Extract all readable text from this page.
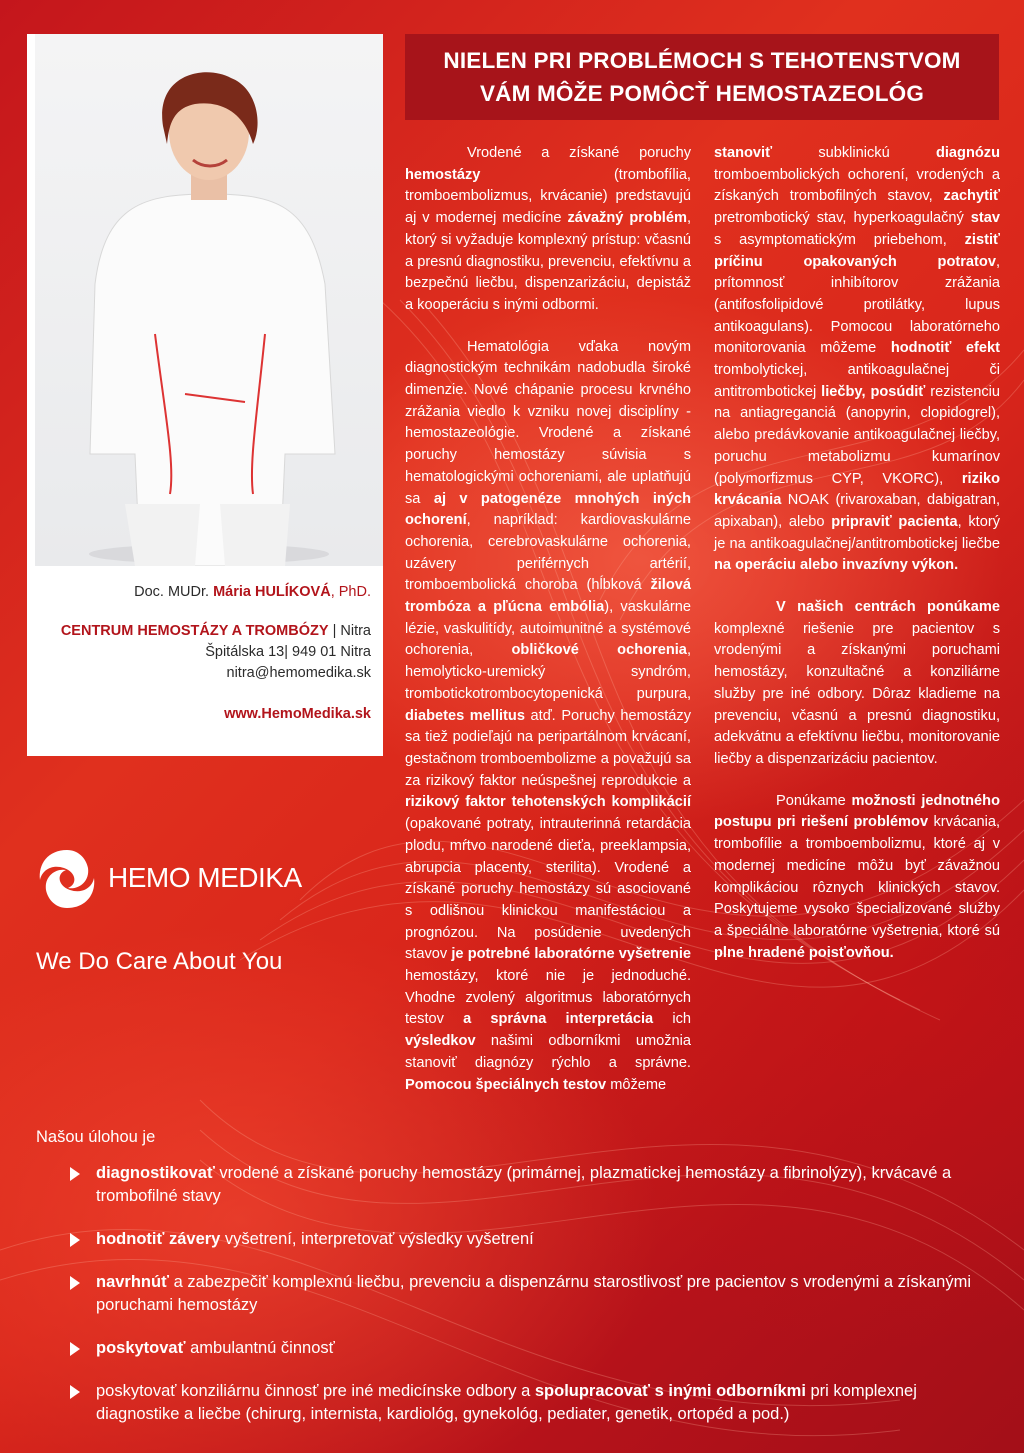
Doc. MUDr. Mária HULÍKOVÁ, PhD.
CENTRUM HEMOSTÁZY A TROMBÓZY | Nitra
Špitálska 13| 949 01 Nitra
nitra@hemomedika.sk
www.HemoMedika.sk
NIELEN PRI PROBLÉMOCH S TEHOTENSTVOM
VÁM MÔŽE POMÔCŤ HEMOSTAZEOLÓG

Vrodené a získané poruchy hemostázy (trombofília, tromboembolizmus, krvácanie) predstavujú aj v modernej medicíne závažný problém, ktorý si vyžaduje komplexný prístup: včasnú a presnú diagnostiku, prevenciu, efektívnu a bezpečnú liečbu, dispenzarizáciu, depistáž a kooperáciu s inými odbormi.

Hematológia vďaka novým diagnostickým technikám nadobudla široké dimenzie. Nové chápanie procesu krvného zrážania viedlo k vzniku novej disciplíny - hemostazeológie. Vrodené a získané poruchy hemostázy súvisia s hematologickými ochoreniami, ale uplatňujú sa aj v patogenéze mnohých iných ochorení, napríklad: kardiovaskulárne ochorenia, cerebrovaskulárne ochorenia, uzávery periférnych artérií, tromboembolická choroba (hĺbková žilová trombóza a pľúcna embólia), vaskulárne lézie, vaskulitídy, autoimunitné a systémové ochorenia, obličkové ochorenia, hemolyticko-uremický syndróm, trombotickotrombocytopenická purpura, diabetes mellitus atď. Poruchy hemostázy sa tiež podieľajú na peripartálnom krvácaní, gestačnom tromboembolizme a považujú sa za rizikový faktor neúspešnej reprodukcie a rizikový faktor tehotenských komplikácií (opakované potraty, intrauterinná retardácia plodu, mŕtvo narodené dieťa, preeklampsia, abrupcia placenty, sterilita). Vrodené a získané poruchy hemostázy sú asociované s odlišnou klinickou manifestáciou a prognózou. Na posúdenie uvedených stavov je potrebné laboratórne vyšetrenie hemostázy, ktoré nie je jednoduché. Vhodne zvolený algoritmus laboratórnych testov a správna interpretácia ich výsledkov našimi odborníkmi umožnia stanoviť diagnózy rýchlo a správne. Pomocou špeciálnych testov môžeme

stanoviť subklinickú diagnózu tromboembolických ochorení, vrodených a získaných trombofilných stavov, zachytiť pretrombotický stav, hyperkoagulačný stav s asymptomatickým priebehom, zistiť príčinu opakovaných potratov, prítomnosť inhibítorov zrážania (antifosfolipidové protilátky, lupus antikoagulans). Pomocou laboratórneho monitorovania môžeme hodnotiť efekt trombolytickej, antikoagulačnej či antitrombotickej liečby, posúdiť rezistenciu na antiagreganciá (anopyrin, clopidogrel), alebo predávkovanie antikoagulačnej liečby, poruchu metabolizmu kumarínov (polymorfizmus CYP, VKORC), riziko krvácania NOAK (rivaroxaban, dabigatran, apixaban), alebo pripraviť pacienta, ktorý je na antikoagulačnej/antitrombotickej liečbe na operáciu alebo invazívny výkon.

V našich centrách ponúkame komplexné riešenie pre pacientov s vrodenými a získanými poruchami hemostázy, konzultačné a konziliárne služby pre iné odbory. Dôraz kladieme na prevenciu, včasnú a presnú diagnostiku, adekvátnu a efektívnu liečbu, monitorovanie liečby a dispenzarizáciu pacientov.

Ponúkame možnosti jednotného postupu pri riešení problémov krvácania, trombofílie a tromboembolizmu, ktoré aj v modernej medicíne môžu byť závažnou komplikáciou rôznych klinických stavov. Poskytujeme vysoko špecializované služby a špeciálne laboratórne vyšetrenia, ktoré sú plne hradené poisťovňou.

HEMO MEDIKA
We Do Care About You
Našou úlohou je
diagnostikovať vrodené a získané poruchy hemostázy (primárnej, plazmatickej hemostázy a fibrinolýzy), krvácavé a trombofilné stavy
hodnotiť závery vyšetrení, interpretovať výsledky vyšetrení
navrhnúť a zabezpečiť komplexnú liečbu, prevenciu a dispenzárnu starostlivosť pre pacientov s vrodenými a získanými poruchami hemostázy
poskytovať ambulantnú činnosť
poskytovať konziliárnu činnosť pre iné medicínske odbory a spolupracovať s inými odborníkmi pri komplexnej diagnostike a liečbe (chirurg, internista, kardiológ, gynekológ, pediater, genetik, ortopéd a pod.)
